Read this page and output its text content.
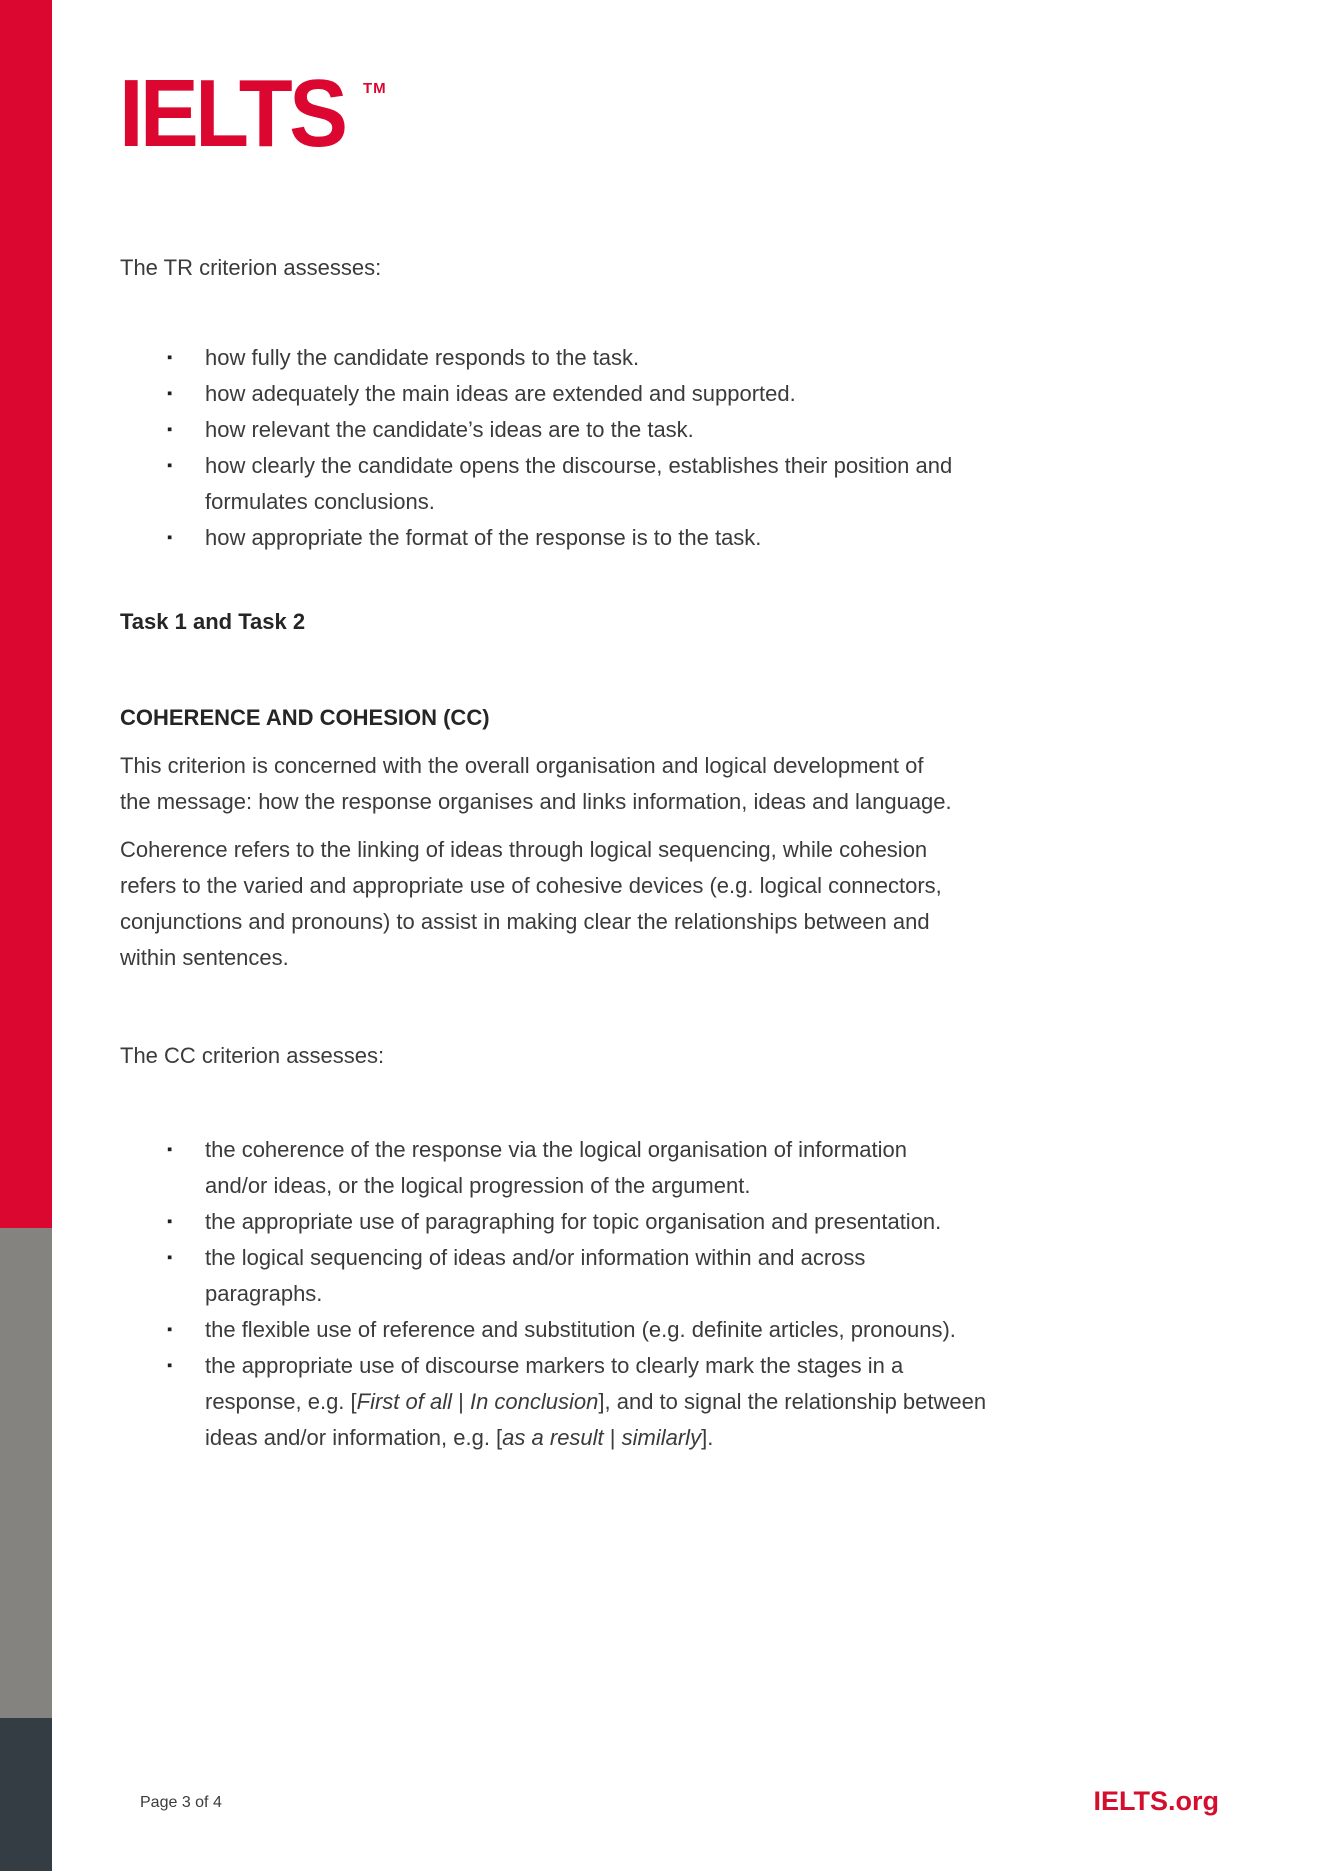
IELTS TM
The TR criterion assesses:
▪	how fully the candidate responds to the task.
▪	how adequately the main ideas are extended and supported.
▪	how relevant the candidate’s ideas are to the task.
▪	how clearly the candidate opens the discourse, establishes their position and
formulates conclusions.
▪	how appropriate the format of the response is to the task.
Task 1 and Task 2
COHERENCE AND COHESION (CC)
This criterion is concerned with the overall organisation and logical development of
the message: how the response organises and links information, ideas and language.
Coherence refers to the linking of ideas through logical sequencing, while cohesion
refers to the varied and appropriate use of cohesive devices (e.g. logical connectors,
conjunctions and pronouns) to assist in making clear the relationships between and
within sentences.
The CC criterion assesses:
▪	the coherence of the response via the logical organisation of information
and/or ideas, or the logical progression of the argument.
▪	the appropriate use of paragraphing for topic organisation and presentation.
▪	the logical sequencing of ideas and/or information within and across
paragraphs.
▪	the flexible use of reference and substitution (e.g. definite articles, pronouns).
▪	the appropriate use of discourse markers to clearly mark the stages in a
response, e.g. [First of all | In conclusion], and to signal the relationship between
ideas and/or information, e.g. [as a result | similarly].
Page 3 of 4	IELTS.org
